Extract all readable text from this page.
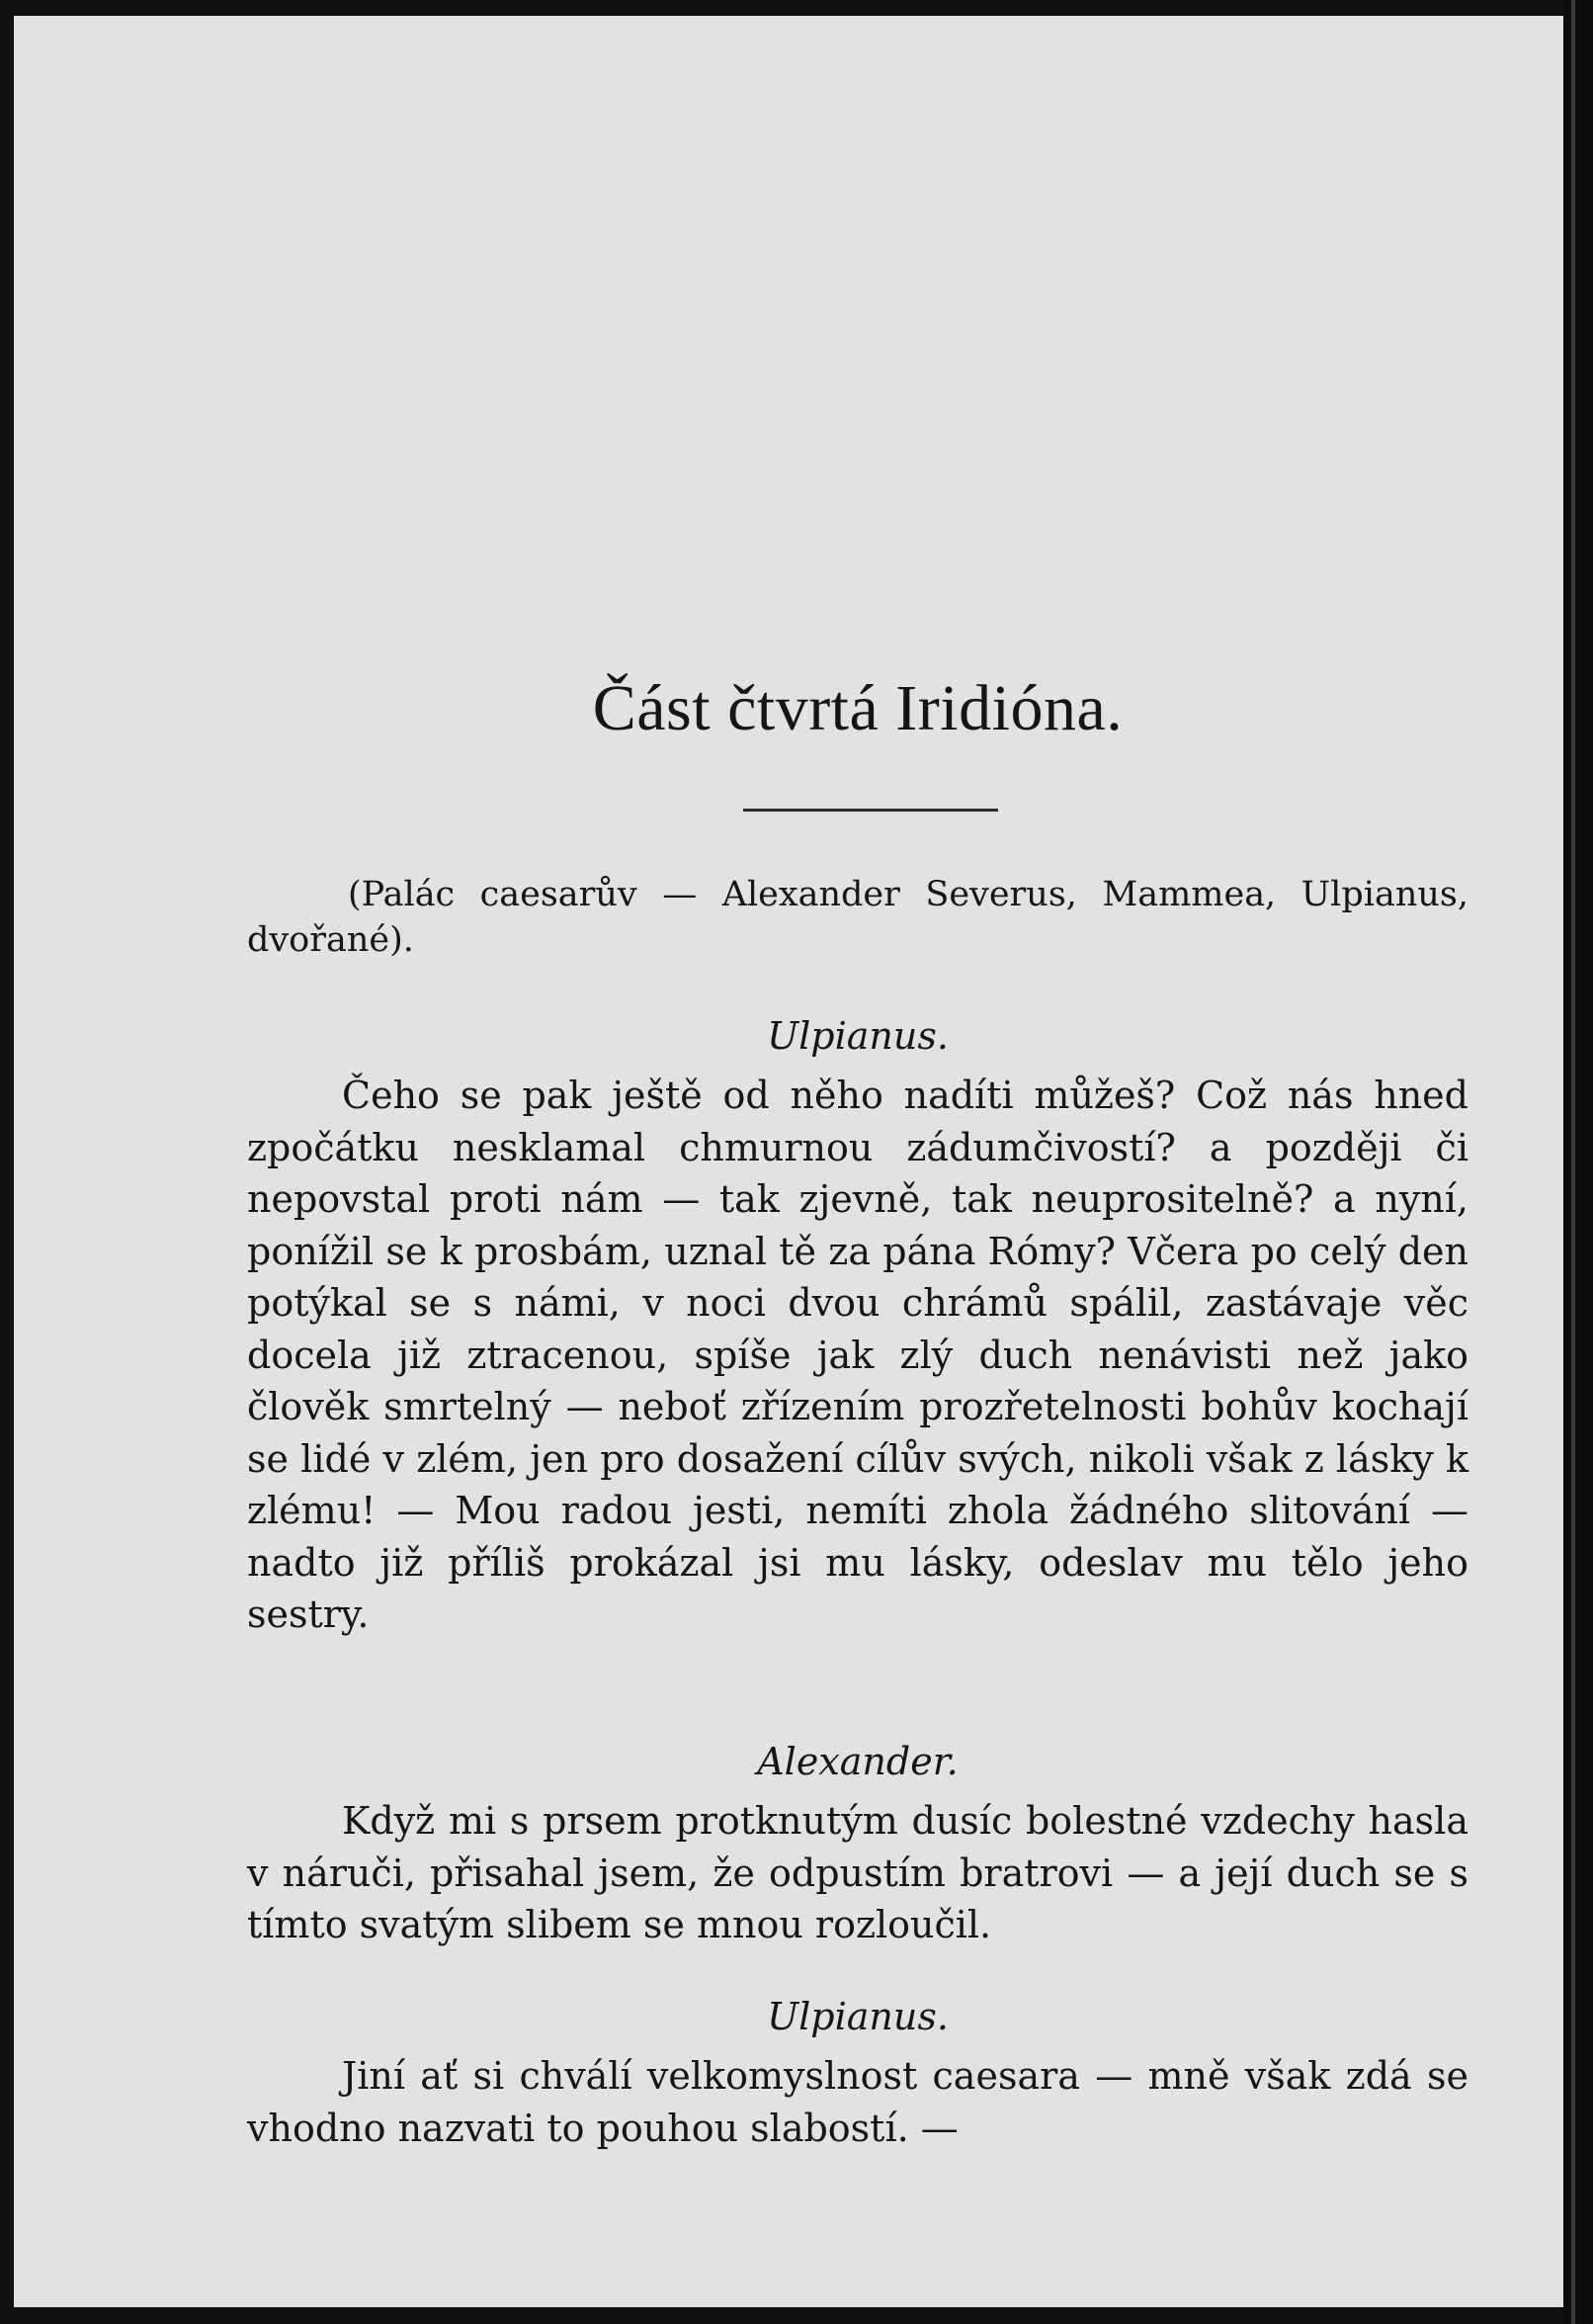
Část čtvrtá Iridióna.

(Palác caesarův — Alexander Severus, Mammea, Ulpianus, dvořané).

Ulpianus.

Čeho se pak ještě od něho nadíti můžeš? Což nás hned zpočátku nesklamal chmurnou zádumčivostí? a později či nepovstal proti nám — tak zjevně, tak neuprositelně? a nyní, ponížil se k prosbám, uznal tě za pána Rómy? Včera po celý den potýkal se s námi, v noci dvou chrámů spálil, zastávaje věc docela již ztracenou, spíše jak zlý duch nenávisti než jako člověk smrtelný — neboť zřízením prozřetelnosti bohův kochají se lidé v zlém, jen pro dosažení cílův svých, nikoli však z lásky k zlému! — Mou radou jesti, nemíti zhola žádného slitování — nadto již příliš prokázal jsi mu lásky, odeslav mu tělo jeho sestry.

Alexander.

Když mi s prsem protknutým dusíc bolestné vzdechy hasla v náruči, přisahal jsem, že odpustím bratrovi — a její duch se s tímto svatým slibem se mnou rozloučil.

Ulpianus.

Jiní ať si chválí velkomyslnost caesara — mně však zdá se vhodno nazvati to pouhou slabostí. —
